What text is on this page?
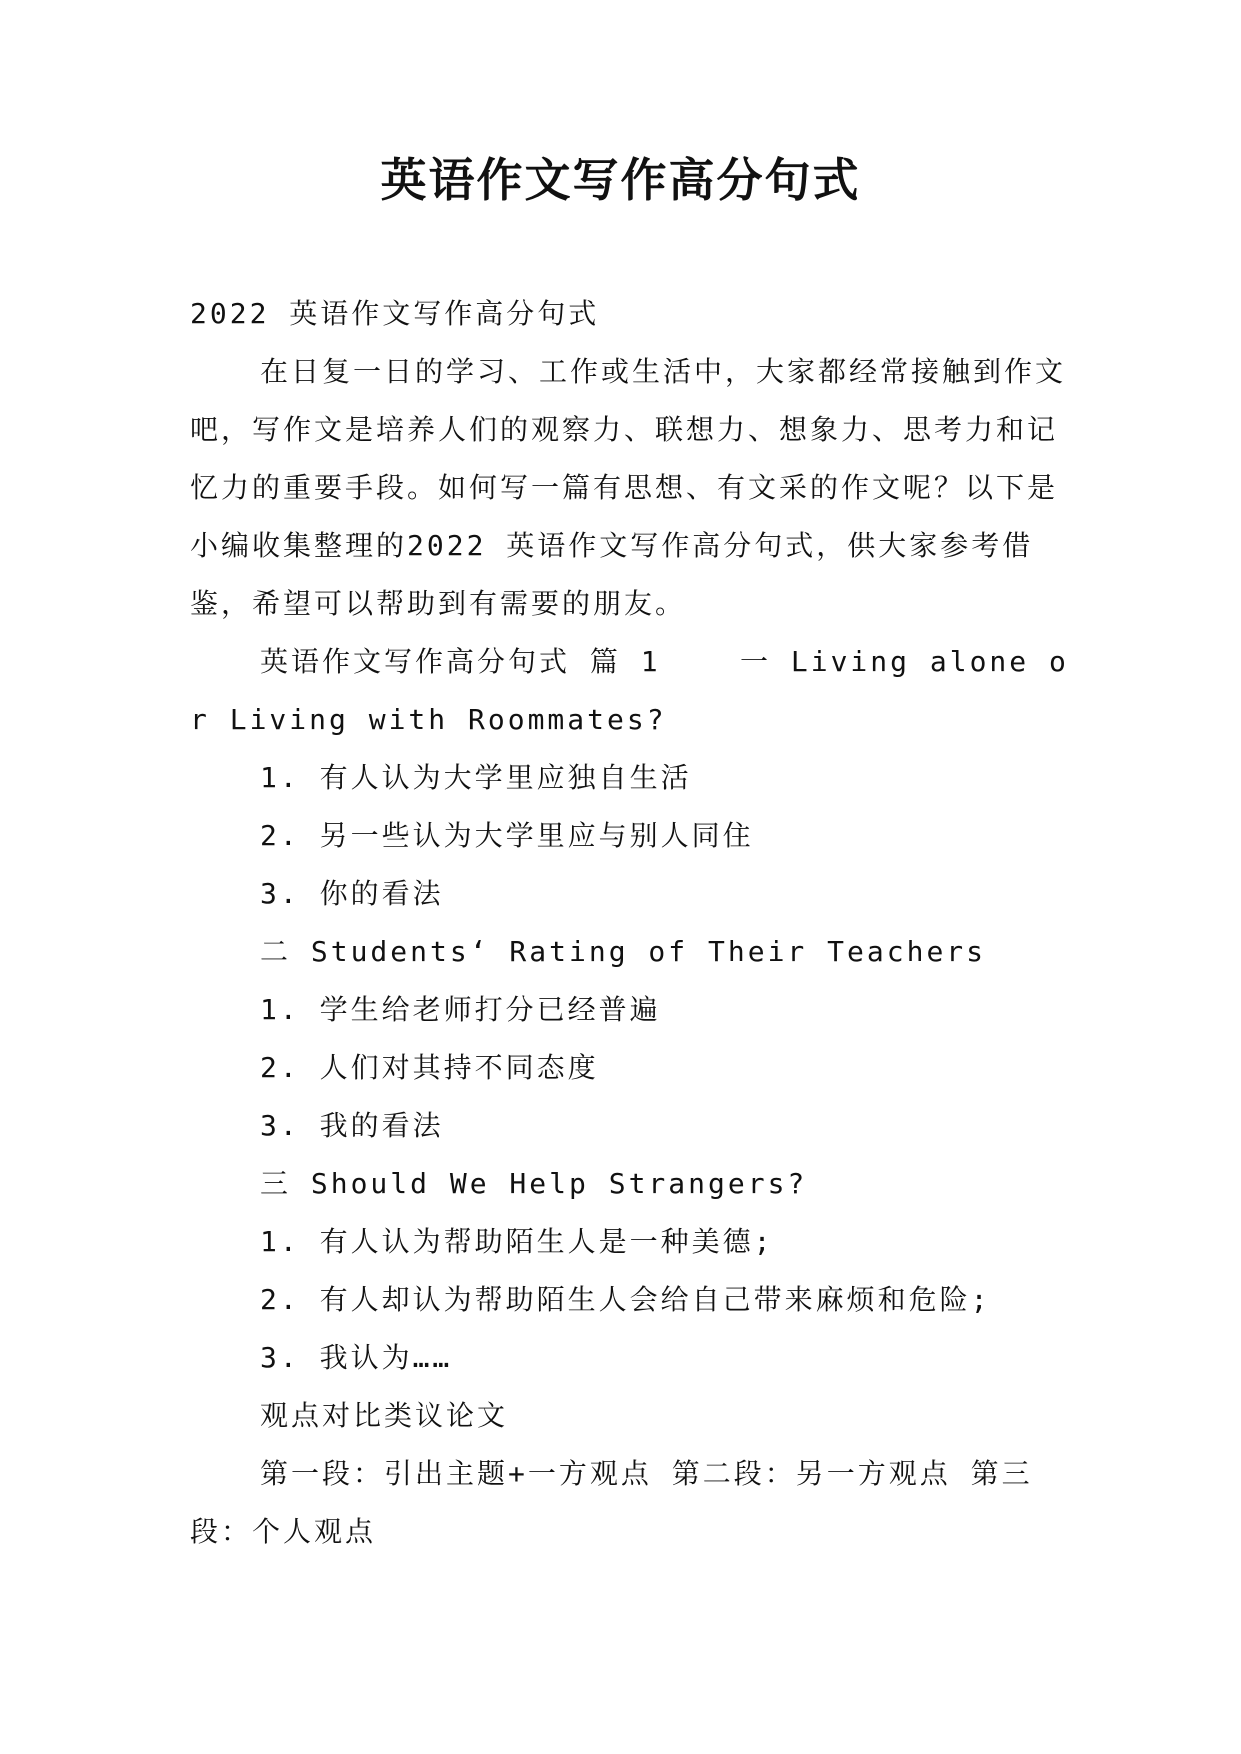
英语作文写作高分句式

2022 英语作文写作高分句式

在日复一日的学习、工作或生活中，大家都经常接触到作文吧，写作文是培养人们的观察力、联想力、想象力、思考力和记忆力的重要手段。如何写一篇有思想、有文采的作文呢？以下是小编收集整理的2022 英语作文写作高分句式，供大家参考借鉴，希望可以帮助到有需要的朋友。

英语作文写作高分句式 篇 1    一 Living alone or Living with Roommates?

1. 有人认为大学里应独自生活

2. 另一些认为大学里应与别人同住

3. 你的看法

二 Students‘ Rating of Their Teachers

1. 学生给老师打分已经普遍

2. 人们对其持不同态度

3. 我的看法

三 Should We Help Strangers?

1. 有人认为帮助陌生人是一种美德;

2. 有人却认为帮助陌生人会给自己带来麻烦和危险;

3. 我认为……

观点对比类议论文

第一段：引出主题+一方观点 第二段：另一方观点 第三段：个人观点
